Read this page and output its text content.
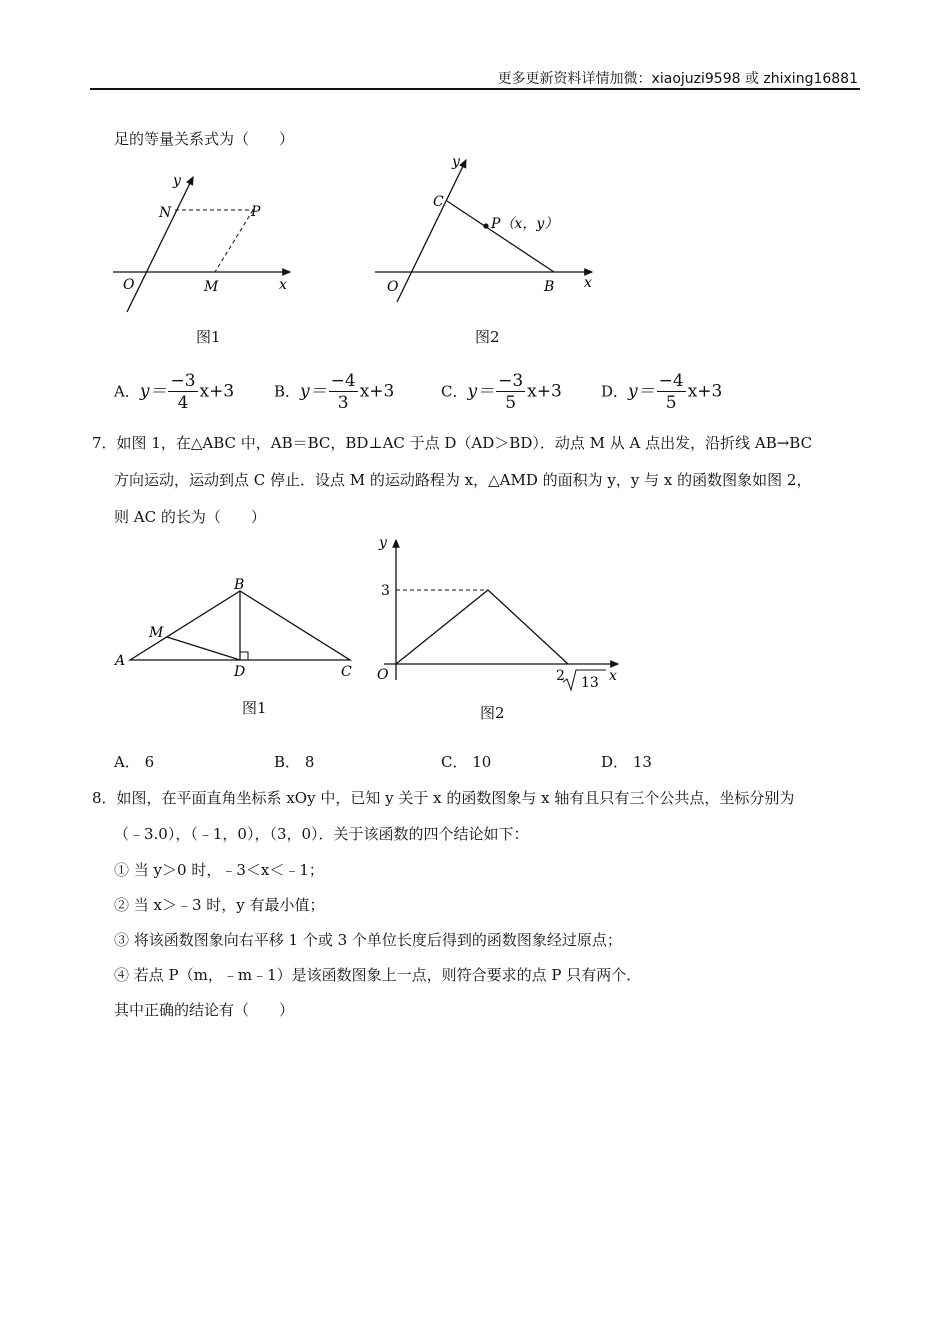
更多更新资料详情加微：xiaojuzi9598 或 zhixing16881
足的等量关系式为（　　）
y
N	P
O	M	x
图1
y
C
P（x，y）
O	B x
图2
A．$y= \frac{-3}{4} x+3$	B．$y= \frac{-4}{3} x+3$	C．$y= \frac{-3}{5} x+3$	D．$y= \frac{-4}{5} x+3$
7．如图 1，在△ABC 中，AB＝BC，BD⊥AC 于点 D（AD＞BD）．动点 M 从 A 点出发，沿折线 AB→BC
方向运动，运动到点 C 停止．设点 M 的运动路程为 x，△AMD 的面积为 y，y 与 x 的函数图象如图 2，
则 AC 的长为（　　）
A
B
C
D
M
图1
y
3
O	2 13 x
图2
A． 6	B． 8	C． 10	D． 13
8．如图，在平面直角坐标系 xOy 中，已知 y 关于 x 的函数图象与 x 轴有且只有三个公共点，坐标分别为
（﹣3.0），（﹣1，0），（3，0）．关于该函数的四个结论如下：
① 当 y＞0 时，﹣3＜x＜﹣1；
② 当 x＞﹣3 时，y 有最小值；
③ 将该函数图象向右平移 1 个或 3 个单位长度后得到的函数图象经过原点；
④ 若点 P（m，﹣m﹣1）是该函数图象上一点，则符合要求的点 P 只有两个．
其中正确的结论有（　　）
